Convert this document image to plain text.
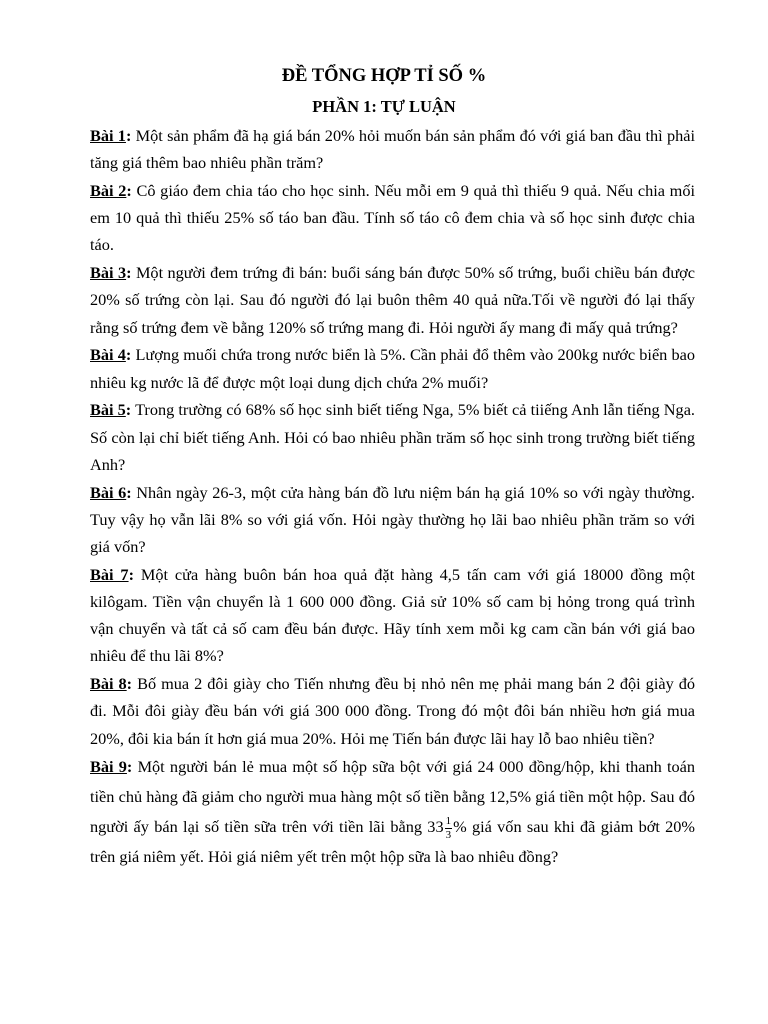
ĐỀ TỔNG HỢP TỈ SỐ %
PHẦN 1: TỰ LUẬN

Bài 1: Một sản phẩm đã hạ giá bán 20% hỏi muốn bán sản phẩm đó với giá ban đầu thì phải tăng giá thêm bao nhiêu phần trăm?

Bài 2: Cô giáo đem chia táo cho học sinh. Nếu mỗi em 9 quả thì thiếu 9 quả. Nếu chia mối em 10 quả thì thiếu 25% số táo ban đầu. Tính số táo cô đem chia và số học sinh được chia táo.

Bài 3: Một người đem trứng đi bán: buổi sáng bán được 50% số trứng, buổi chiều bán được 20% số trứng còn lại. Sau đó người đó lại buôn thêm 40 quả nữa.Tối về người đó lại thấy rằng số trứng đem về bằng 120% số trứng mang đi. Hỏi người ấy mang đi mấy quả trứng?

Bài 4: Lượng muối chứa trong nước biển là 5%. Cần phải đổ thêm vào 200kg nước biển bao nhiêu kg nước lã để được một loại dung dịch chứa 2% muối?

Bài 5: Trong trường có 68% số học sinh biết tiếng Nga, 5% biết cả tiiếng Anh lẫn tiếng Nga. Số còn lại chỉ biết tiếng Anh. Hỏi có bao nhiêu phần trăm số học sinh trong trường biết tiếng Anh?

Bài 6: Nhân ngày 26-3, một cửa hàng bán đồ lưu niệm bán hạ giá 10% so với ngày thường. Tuy vậy họ vẫn lãi 8% so với giá vốn. Hỏi ngày thường họ lãi bao nhiêu phần trăm so với giá vốn?

Bài 7: Một cửa hàng buôn bán hoa quả đặt hàng 4,5 tấn cam với giá 18000 đồng một kilôgam. Tiền vận chuyển là 1 600 000 đồng. Giả sử 10% số cam bị hỏng trong quá trình vận chuyển và tất cả số cam đều bán được. Hãy tính xem mỗi kg cam cần bán với giá bao nhiêu để thu lãi 8%?

Bài 8: Bố mua 2 đôi giày cho Tiến nhưng đều bị nhỏ nên mẹ phải mang bán 2 đội giày đó đi. Mỗi đôi giày đều bán với giá 300 000 đồng. Trong đó một đôi bán nhiều hơn giá mua 20%, đôi kia bán ít hơn giá mua 20%. Hỏi mẹ Tiến bán được lãi hay lỗ bao nhiêu tiền?

Bài 9: Một người bán lẻ mua một số hộp sữa bột với giá 24 000 đồng/hộp, khi thanh toán tiền chủ hàng đã giảm cho người mua hàng một số tiền bằng 12,5% giá tiền một hộp. Sau đó người ấy bán lại số tiền sữa trên với tiền lãi bằng $33 \frac{1}{3}$ % giá vốn sau khi đã giảm bớt 20% trên giá niêm yết. Hỏi giá niêm yết trên một hộp sữa là bao nhiêu đồng?
